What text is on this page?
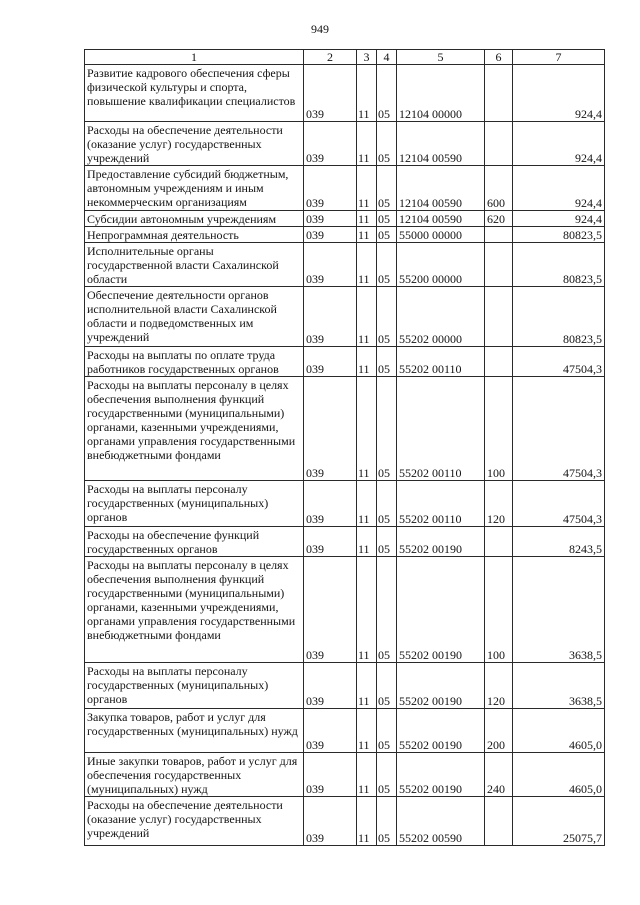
949
1	2	3	4	5	6	7
Развитие кадрового обеспечения сферы физической культуры и спорта, повышение квалификации специалистов	039	11	05	12104 00000		924,4
Расходы на обеспечение деятельности (оказание услуг) государственных учреждений	039	11	05	12104 00590		924,4
Предоставление субсидий бюджетным, автономным учреждениям и иным некоммерческим организациям	039	11	05	12104 00590	600	924,4
Субсидии автономным учреждениям	039	11	05	12104 00590	620	924,4
Непрограммная деятельность	039	11	05	55000 00000		80823,5
Исполнительные органы государственной власти Сахалинской области	039	11	05	55200 00000		80823,5
Обеспечение деятельности органов исполнительной власти Сахалинской области и подведомственных им учреждений	039	11	05	55202 00000		80823,5
Расходы на выплаты по оплате труда работников государственных органов	039	11	05	55202 00110		47504,3
Расходы на выплаты персоналу в целях обеспечения выполнения функций государственными (муниципальными) органами, казенными учреждениями, органами управления государственными внебюджетными фондами	039	11	05	55202 00110	100	47504,3
Расходы на выплаты персоналу государственных (муниципальных) органов	039	11	05	55202 00110	120	47504,3
Расходы на обеспечение функций государственных органов	039	11	05	55202 00190		8243,5
Расходы на выплаты персоналу в целях обеспечения выполнения функций государственными (муниципальными) органами, казенными учреждениями, органами управления государственными внебюджетными фондами	039	11	05	55202 00190	100	3638,5
Расходы на выплаты персоналу государственных (муниципальных) органов	039	11	05	55202 00190	120	3638,5
Закупка товаров, работ и услуг для государственных (муниципальных) нужд	039	11	05	55202 00190	200	4605,0
Иные закупки товаров, работ и услуг для обеспечения государственных (муниципальных) нужд	039	11	05	55202 00190	240	4605,0
Расходы на обеспечение деятельности (оказание услуг) государственных учреждений	039	11	05	55202 00590		25075,7
